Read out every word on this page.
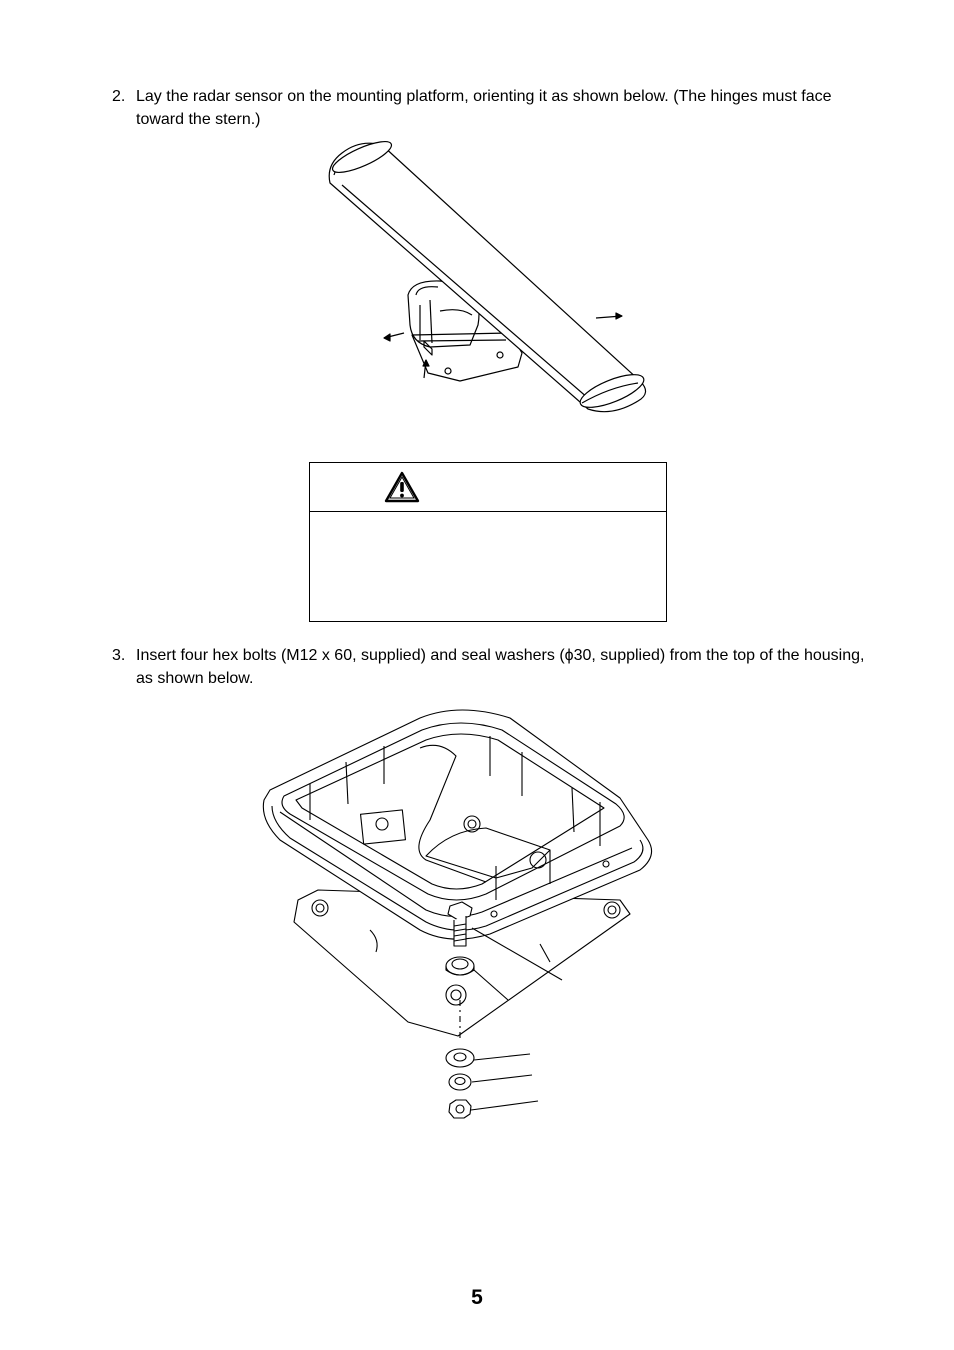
2. Lay the radar sensor on the mounting platform, orienting it as shown below. (The hinges must face toward the stern.)
3. Insert four hex bolts (M12 x 60, supplied) and seal washers (ϕ30, supplied) from the top of the housing, as shown below.
5
